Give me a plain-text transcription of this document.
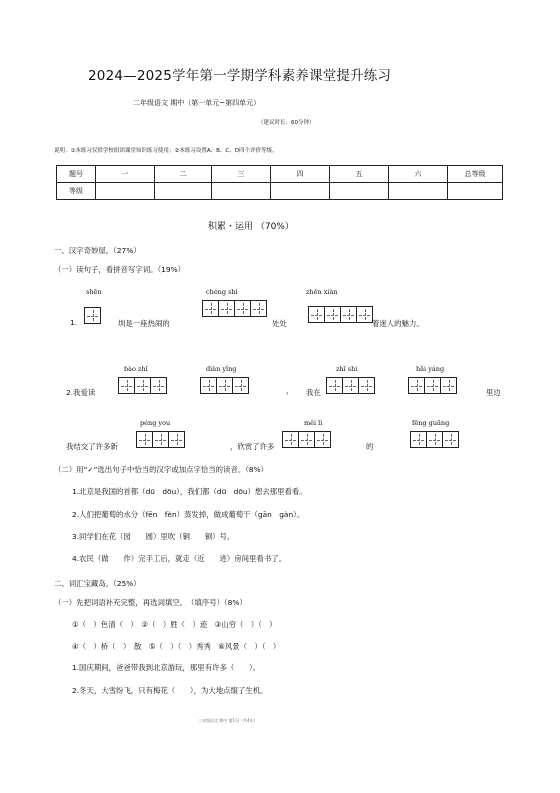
2024—2025学年第一学期学科素养课堂提升练习
二年级语文 期中（第一单元~第四单元）
（建议时长：60分钟）
说明：①本练习仅供学校组团课堂知识练习使用；②本练习设置A、B、C、D四个评价等级。
题号	一	二	三	四	五	六	总等级
等级							
积累・运用 （70%）
一、汉字奇妙屋。（27%）
（一）读句子，看拼音写字词。（19%）
shēn	chéng shì	zhēn xiàn
1.	圳是一座热闹的	处处	着迷人的魅力。
bào zhǐ	diàn yǐng	zhī shi	hǎi yáng
2.我爱读	， 我在	里边
péng you	měi lì	fēng guāng
我结交了许多新	，欣赏了许多	的
（二）用“✓”选出句子中恰当的汉字或加点字恰当的读音。（8%）
1.北京是我国的首都（dū　dōu），我们都（dū　dōu）想去那里看看。
2.人们把葡萄的水分（fēn　fèn）蒸发掉，做成葡萄干（gān　gàn）。
3.同学们在花（园　　圆）里吹（铜　　铜）号。
4.农民（做　　作）完手工后，就走（近　　进）房间里看书了。
二、词汇宝藏岛。（25%）
（一）先把词语补充完整，再选词填空。　（填序号）（8%）
①（　）色清（　）　②（　）胜（　）迹　③山穷（　）（　）
④（　）桥（　）　散　⑤（　）（　）秀秀　⑥风景（　）（　）
1.国庆期间，爸爸带我到北京游玩，那里有许多（　　）。
2.冬天，大雪纷飞，只有梅花（　　），为大地点缀了生机。
二年级语文 期中 第1页（共4页）
